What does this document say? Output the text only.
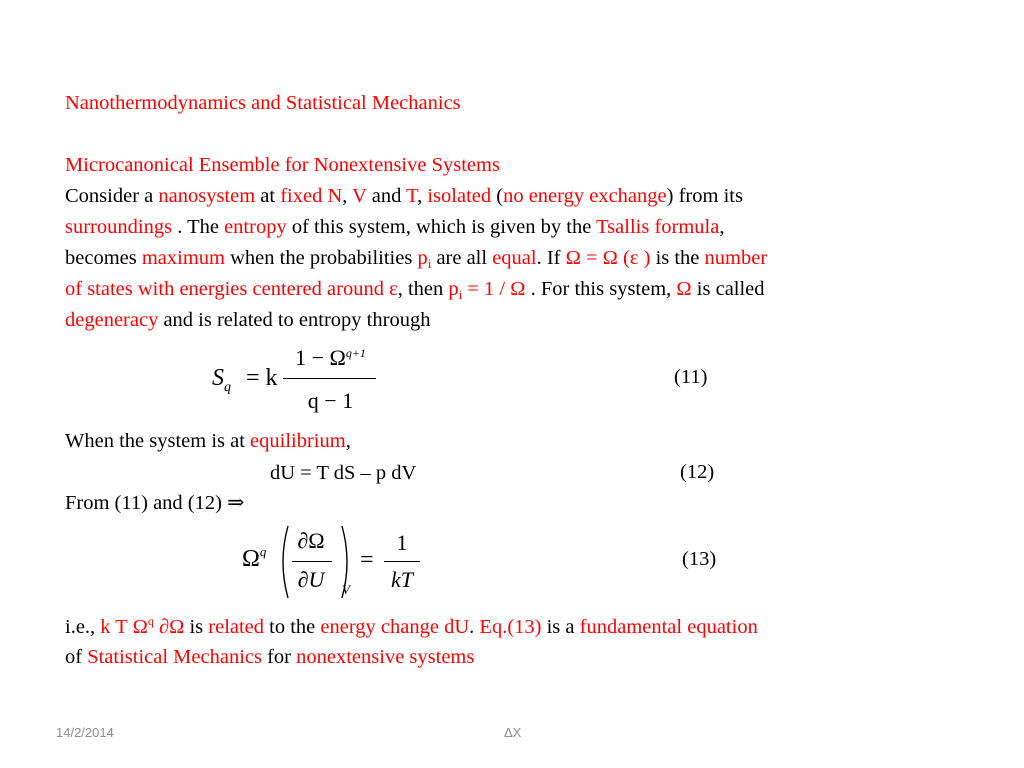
Nanothermodynamics and Statistical Mechanics
Microcanonical Ensemble for Nonextensive Systems
Consider a nanosystem at fixed N, V and T, isolated (no energy exchange) from its
surroundings . The entropy of this system, which is given by the Tsallis formula,
becomes maximum when the probabilities $p_i$ are all equal. If Ω = Ω (ε ) is the number
of states with energies centered around ε, then $p_i = 1 / \Omega$ . For this system, Ω is called
degeneracy and is related to entropy through
$S_q = k$
$1 - \Omega^{q+1}$
q − 1
(11)
When the system is at equilibrium,
dU = T dS – p dV	(12)
From (11) and (12) ⇒
$\Omega^q$	∂Ω
∂U	V
=
1
kT
(13)
i.e., k T $\Omega^q$ ∂Ω is related to the energy change dU. Eq.(13) is a fundamental equation
of Statistical Mechanics for nonextensive systems
14/2/2014	ΔX
